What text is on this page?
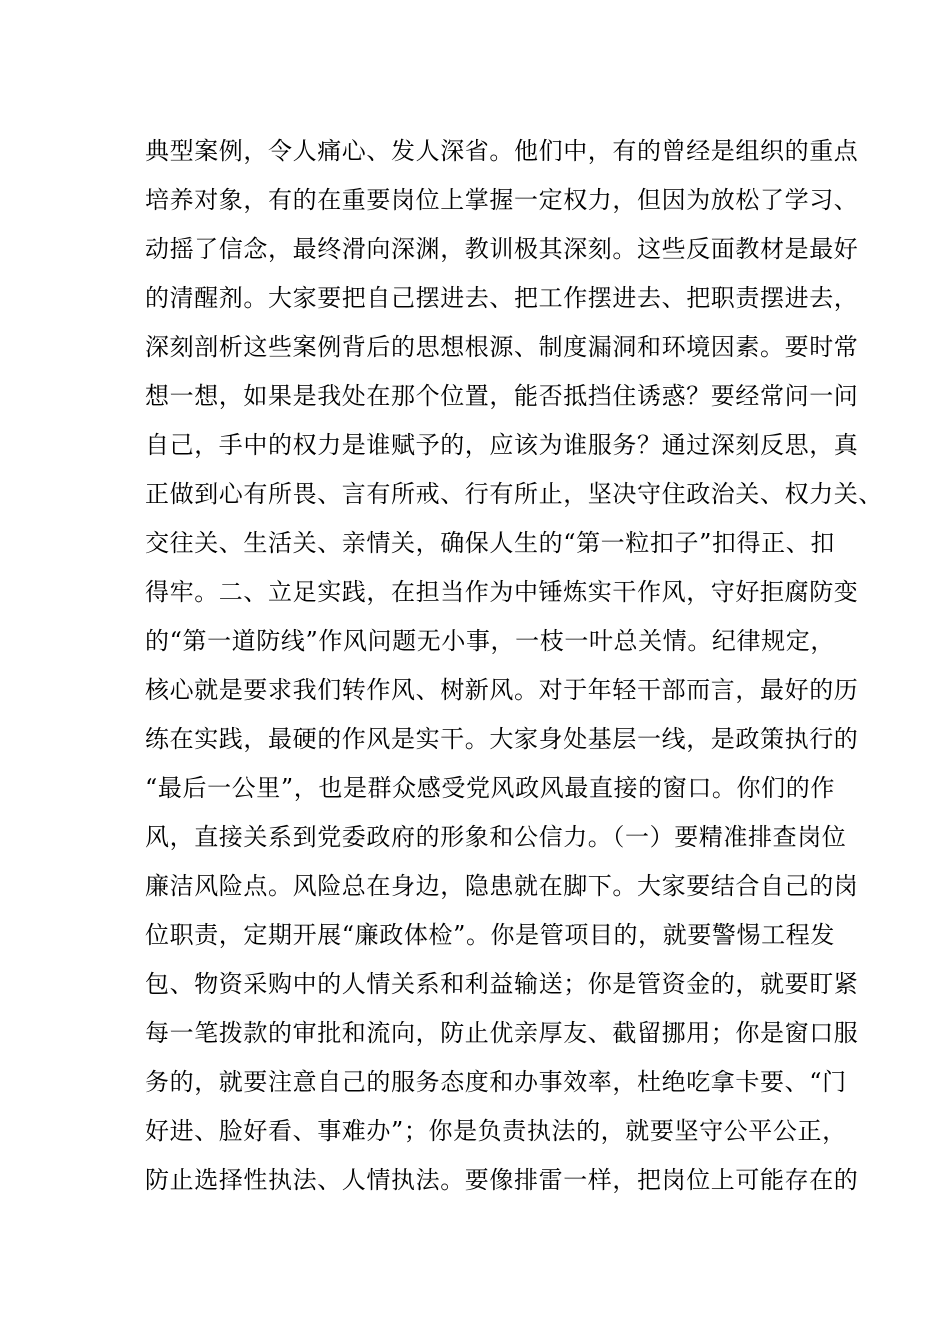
典型案例，令人痛心、发人深省。他们中，有的曾经是组织的重点
培养对象，有的在重要岗位上掌握一定权力，但因为放松了学习、
动摇了信念，最终滑向深渊，教训极其深刻。这些反面教材是最好
的清醒剂。大家要把自己摆进去、把工作摆进去、把职责摆进去，
深刻剖析这些案例背后的思想根源、制度漏洞和环境因素。要时常
想一想，如果是我处在那个位置，能否抵挡住诱惑？要经常问一问
自己，手中的权力是谁赋予的，应该为谁服务？通过深刻反思，真
正做到心有所畏、言有所戒、行有所止，坚决守住政治关、权力关、
交往关、生活关、亲情关，确保人生的“第一粒扣子”扣得正、扣
得牢。二、立足实践，在担当作为中锤炼实干作风，守好拒腐防变
的“第一道防线”作风问题无小事，一枝一叶总关情。纪律规定，
核心就是要求我们转作风、树新风。对于年轻干部而言，最好的历
练在实践，最硬的作风是实干。大家身处基层一线，是政策执行的
“最后一公里”，也是群众感受党风政风最直接的窗口。你们的作
风，直接关系到党委政府的形象和公信力。（一）要精准排查岗位
廉洁风险点。风险总在身边，隐患就在脚下。大家要结合自己的岗
位职责，定期开展“廉政体检”。你是管项目的，就要警惕工程发
包、物资采购中的人情关系和利益输送；你是管资金的，就要盯紧
每一笔拨款的审批和流向，防止优亲厚友、截留挪用；你是窗口服
务的，就要注意自己的服务态度和办事效率，杜绝吃拿卡要、“门
好进、脸好看、事难办”；你是负责执法的，就要坚守公平公正，
防止选择性执法、人情执法。要像排雷一样，把岗位上可能存在的
